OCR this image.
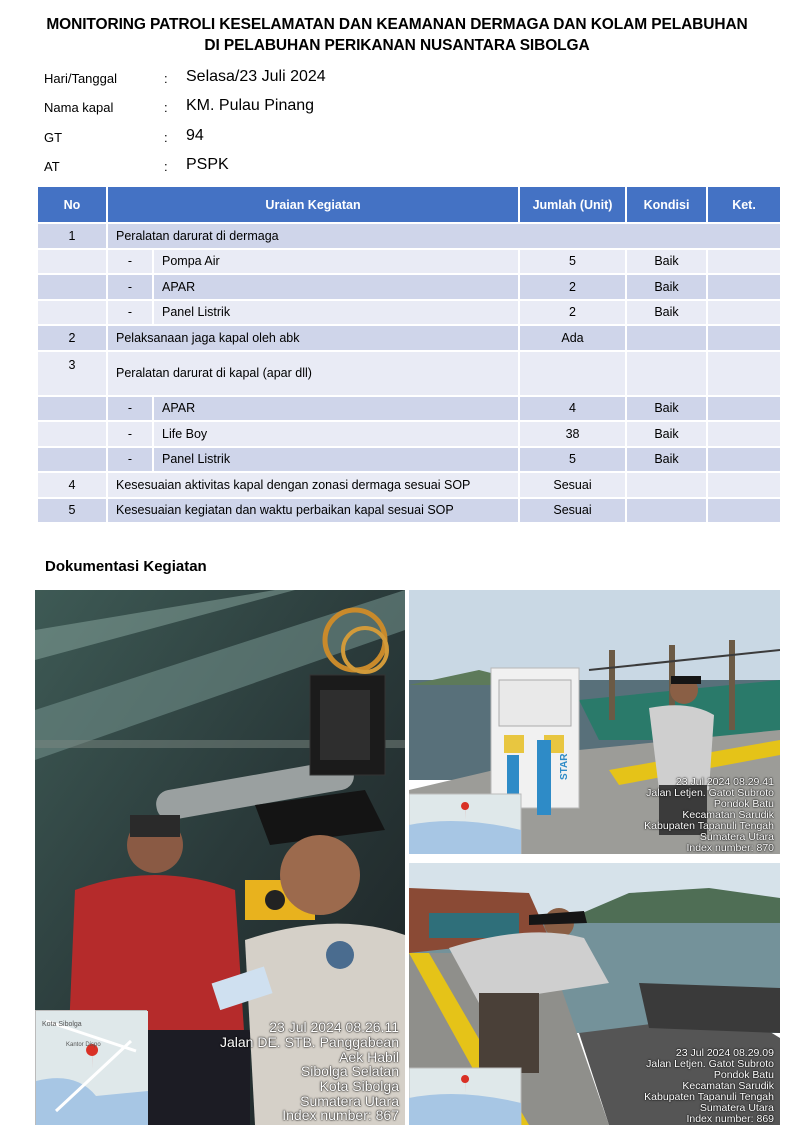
MONITORING PATROLI KESELAMATAN DAN KEAMANAN DERMAGA DAN KOLAM PELABUHAN
DI PELABUHAN PERIKANAN NUSANTARA SIBOLGA
Hari/Tanggal	: Selasa/23 Juli 2024
Nama kapal	: KM. Pulau Pinang
GT	: 94
AT	: PSPK
No	Uraian Kegiatan		Jumlah (Unit)	Kondisi	Ket.
1	Peralatan darurat di dermaga				
	-	Pompa Air	5	Baik	
	-	APAR	2	Baik	
	-	Panel Listrik	2	Baik	
2	Pelaksanaan jaga kapal oleh abk		Ada		
3	Peralatan darurat di kapal (apar dll)				
	-	APAR	4	Baik	
	-	Life Boy	38	Baik	
	-	Panel Listrik	5	Baik	
4	Kesesuaian aktivitas kapal dengan zonasi dermaga sesuai SOP		Sesuai		
5	Kesesuaian kegiatan dan waktu perbaikan kapal sesuai SOP		Sesuai		
Dokumentasi Kegiatan
Kota Sibolga
Kantor Dispo
23 Jul 2024 08.26.11
Jalan DE. STB. Panggabean
Aek Habil
Sibolga Selatan
Kota Sibolga
Sumatera Utara
Index number: 867
STAR
23 Jul 2024 08.29.41
Jalan Letjen. Gatot Subroto
Pondok Batu
Kecamatan Sarudik
Kabupaten Tapanuli Tengah
Sumatera Utara
Index number: 870
23 Jul 2024 08.29.09
Jalan Letjen. Gatot Subroto
Pondok Batu
Kecamatan Sarudik
Kabupaten Tapanuli Tengah
Sumatera Utara
Index number: 869
